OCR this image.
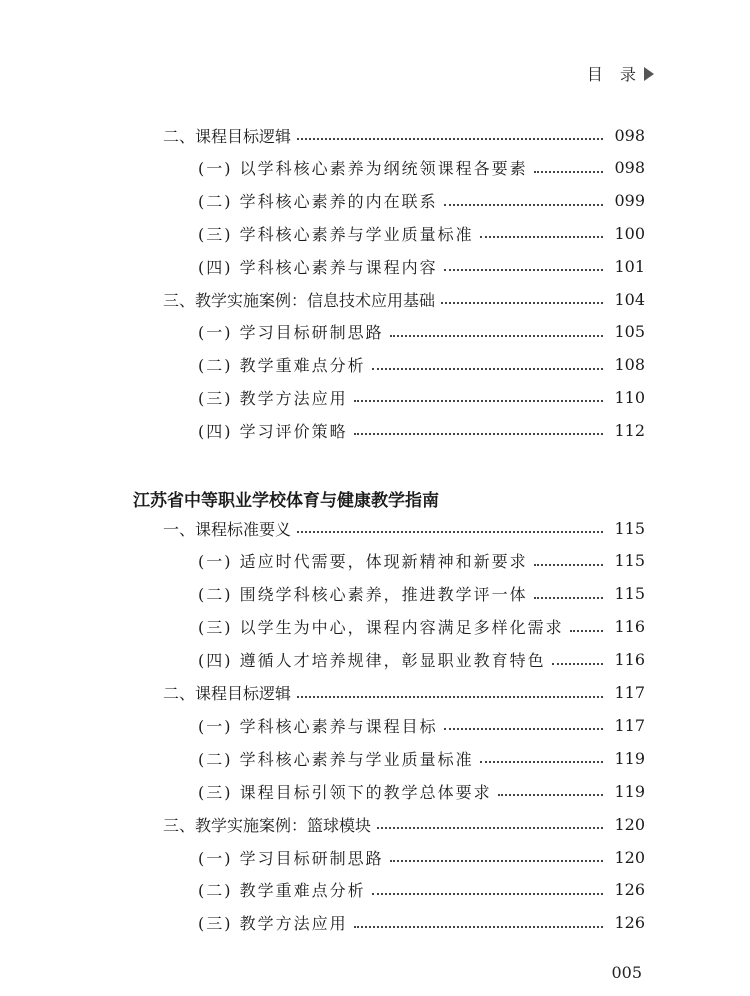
目 录
二、课程目标逻辑	098
(一) 以学科核心素养为纲统领课程各要素	098
(二) 学科核心素养的内在联系	099
(三) 学科核心素养与学业质量标准	100
(四) 学科核心素养与课程内容	101
三、教学实施案例：信息技术应用基础	104
(一) 学习目标研制思路	105
(二) 教学重难点分析	108
(三) 教学方法应用	110
(四) 学习评价策略	112
一、课程标准要义	115
(一) 适应时代需要，体现新精神和新要求	115
(二) 围绕学科核心素养，推进教学评一体	115
(三) 以学生为中心，课程内容满足多样化需求	116
(四) 遵循人才培养规律，彰显职业教育特色	116
二、课程目标逻辑	117
(一) 学科核心素养与课程目标	117
(二) 学科核心素养与学业质量标准	119
(三) 课程目标引领下的教学总体要求	119
三、教学实施案例：篮球模块	120
(一) 学习目标研制思路	120
(二) 教学重难点分析	126
(三) 教学方法应用	126
江苏省中等职业学校体育与健康教学指南
005
